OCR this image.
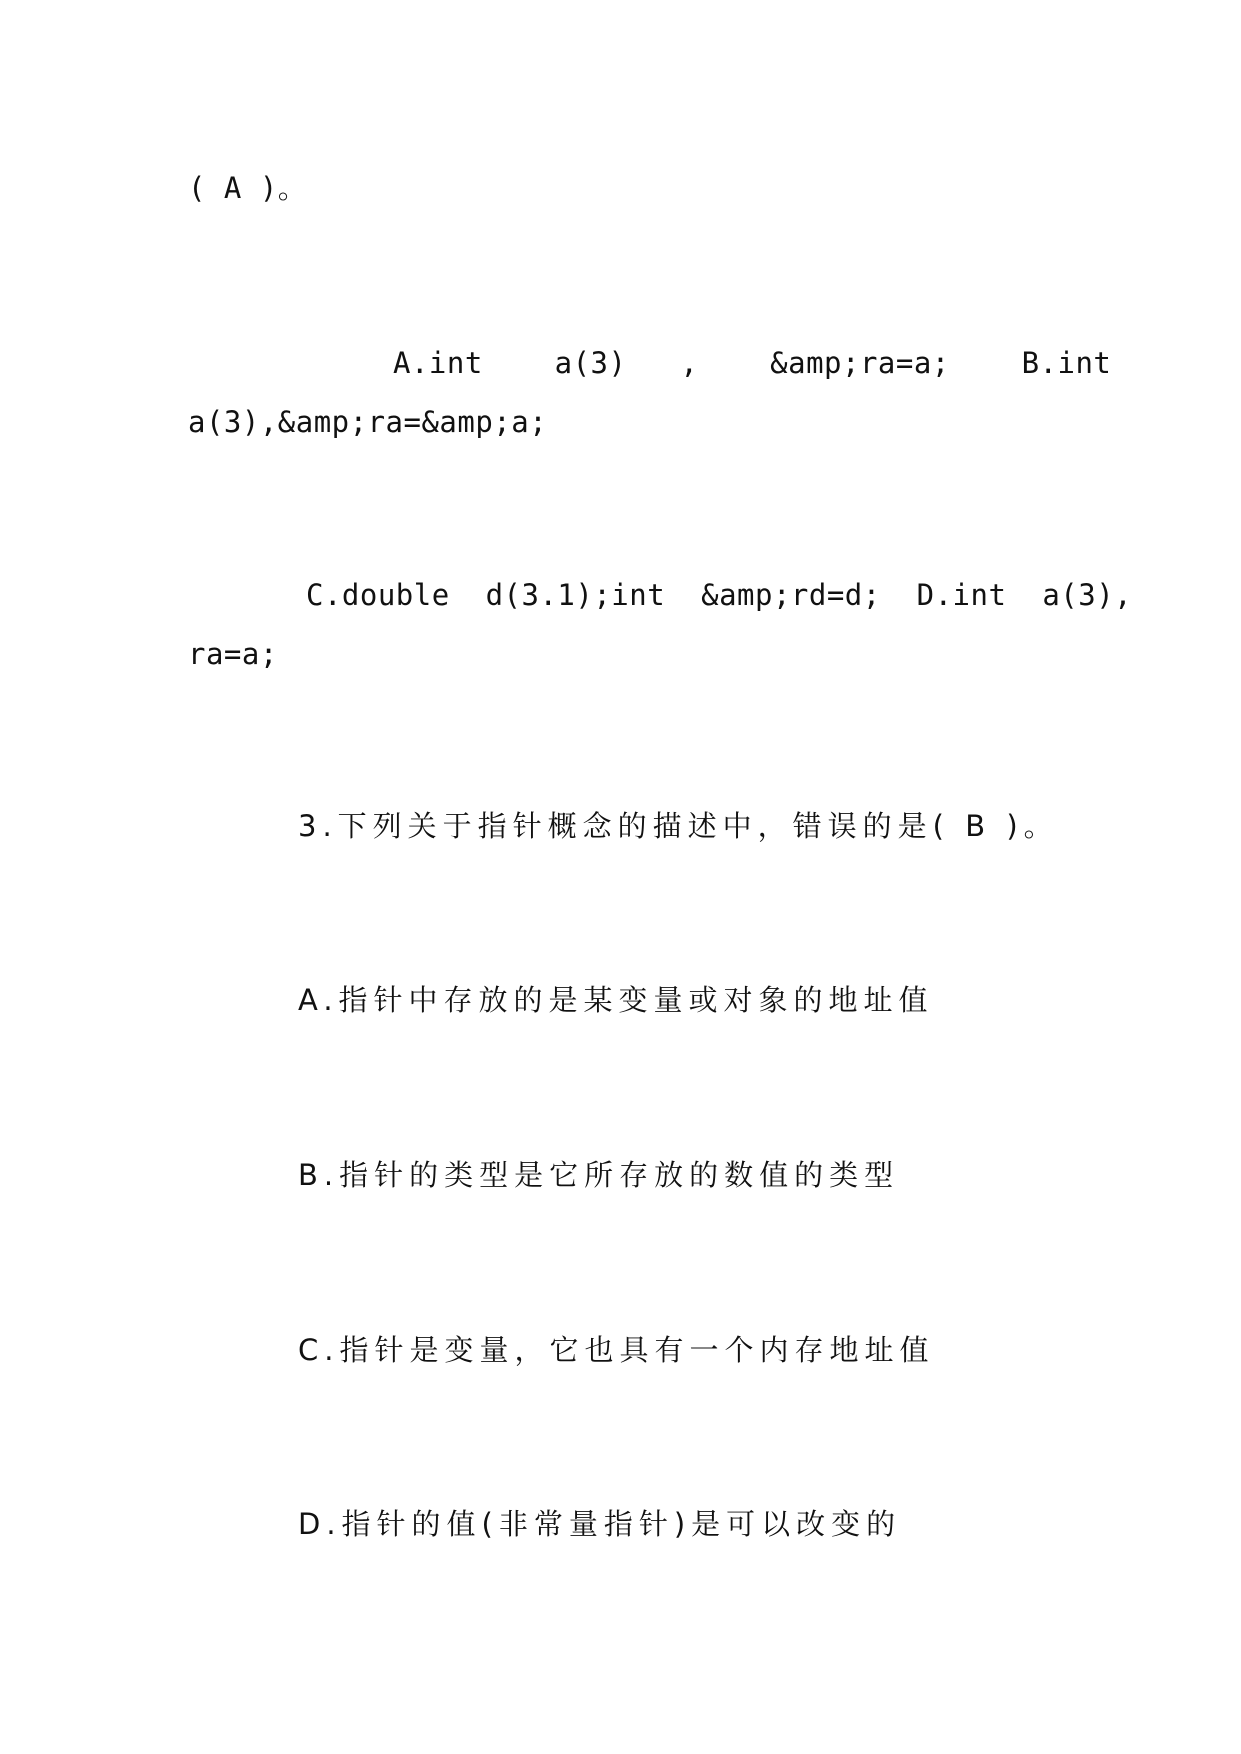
( A )。
A.int    a(3)   ,    &amp;ra=a;    B.int
a(3),&amp;ra=&amp;a;
C.double  d(3.1);int  &amp;rd=d;  D.int  a(3),
ra=a;
3.下列关于指针概念的描述中，错误的是( B )。
A.指针中存放的是某变量或对象的地址值
B.指针的类型是它所存放的数值的类型
C.指针是变量，它也具有一个内存地址值
D.指针的值(非常量指针)是可以改变的
